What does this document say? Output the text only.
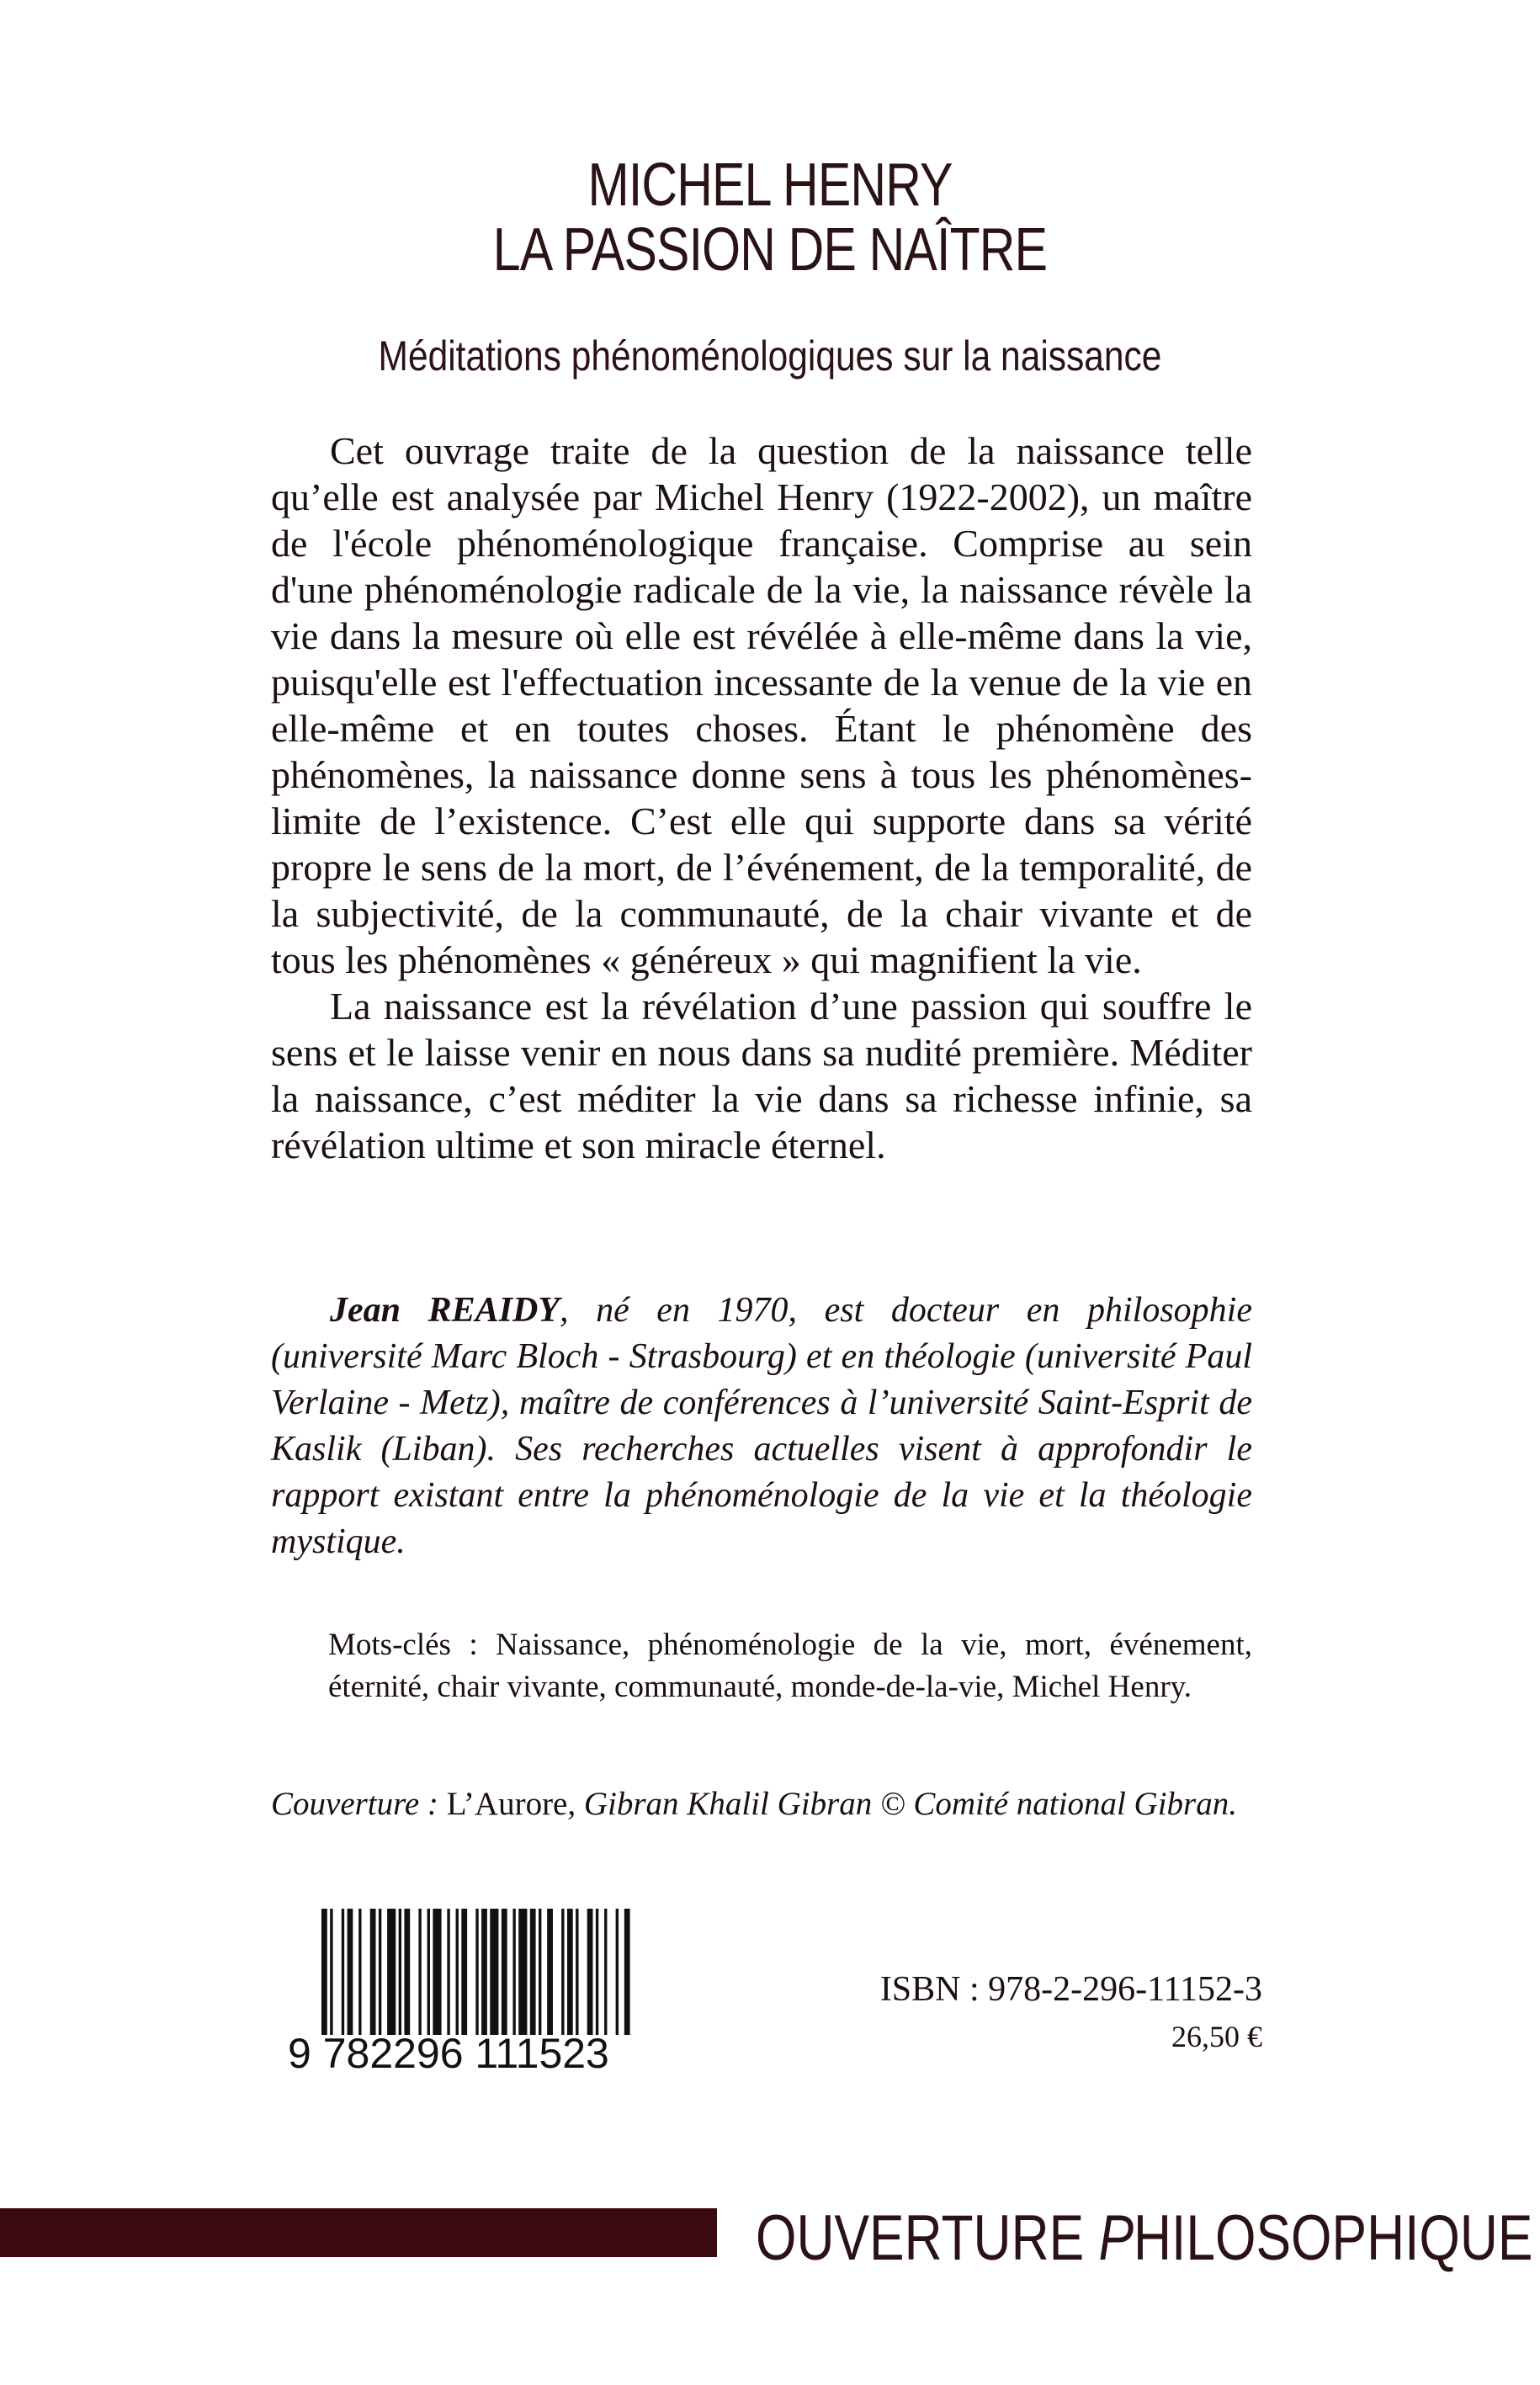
MICHEL HENRY
LA PASSION DE NAÎTRE
Méditations phénoménologiques sur la naissance

Cet ouvrage traite de la question de la naissance telle qu’elle est analysée par Michel Henry (1922-2002), un maître de l'école phénoménologique française. Comprise au sein d'une phénoménologie radicale de la vie, la naissance révèle la vie dans la mesure où elle est révélée à elle-même dans la vie, puisqu'elle est l'effectuation incessante de la venue de la vie en elle-même et en toutes choses. Étant le phénomène des phénomènes, la naissance donne sens à tous les phénomènes-limite de l’existence. C’est elle qui supporte dans sa vérité propre le sens de la mort, de l’événement, de la temporalité, de la subjectivité, de la communauté, de la chair vivante et de tous les phénomènes « généreux » qui magnifient la vie.

La naissance est la révélation d’une passion qui souffre le sens et le laisse venir en nous dans sa nudité première. Méditer la naissance, c’est méditer la vie dans sa richesse infinie, sa révélation ultime et son miracle éternel.

Jean REAIDY, né en 1970, est docteur en philosophie (université Marc Bloch - Strasbourg) et en théologie (université Paul Verlaine - Metz), maître de conférences à l’université Saint-Esprit de Kaslik (Liban). Ses recherches actuelles visent à approfondir le rapport existant entre la phénoménologie de la vie et la théologie mystique.

Mots-clés : Naissance, phénoménologie de la vie, mort, événement, éternité, chair vivante, communauté, monde-de-la-vie, Michel Henry.

Couverture : L’Aurore, Gibran Khalil Gibran © Comité national Gibran.

9 782296 111523
ISBN : 978-2-296-11152-3
26,50 €
OUVERTURE PHILOSOPHIQUE
